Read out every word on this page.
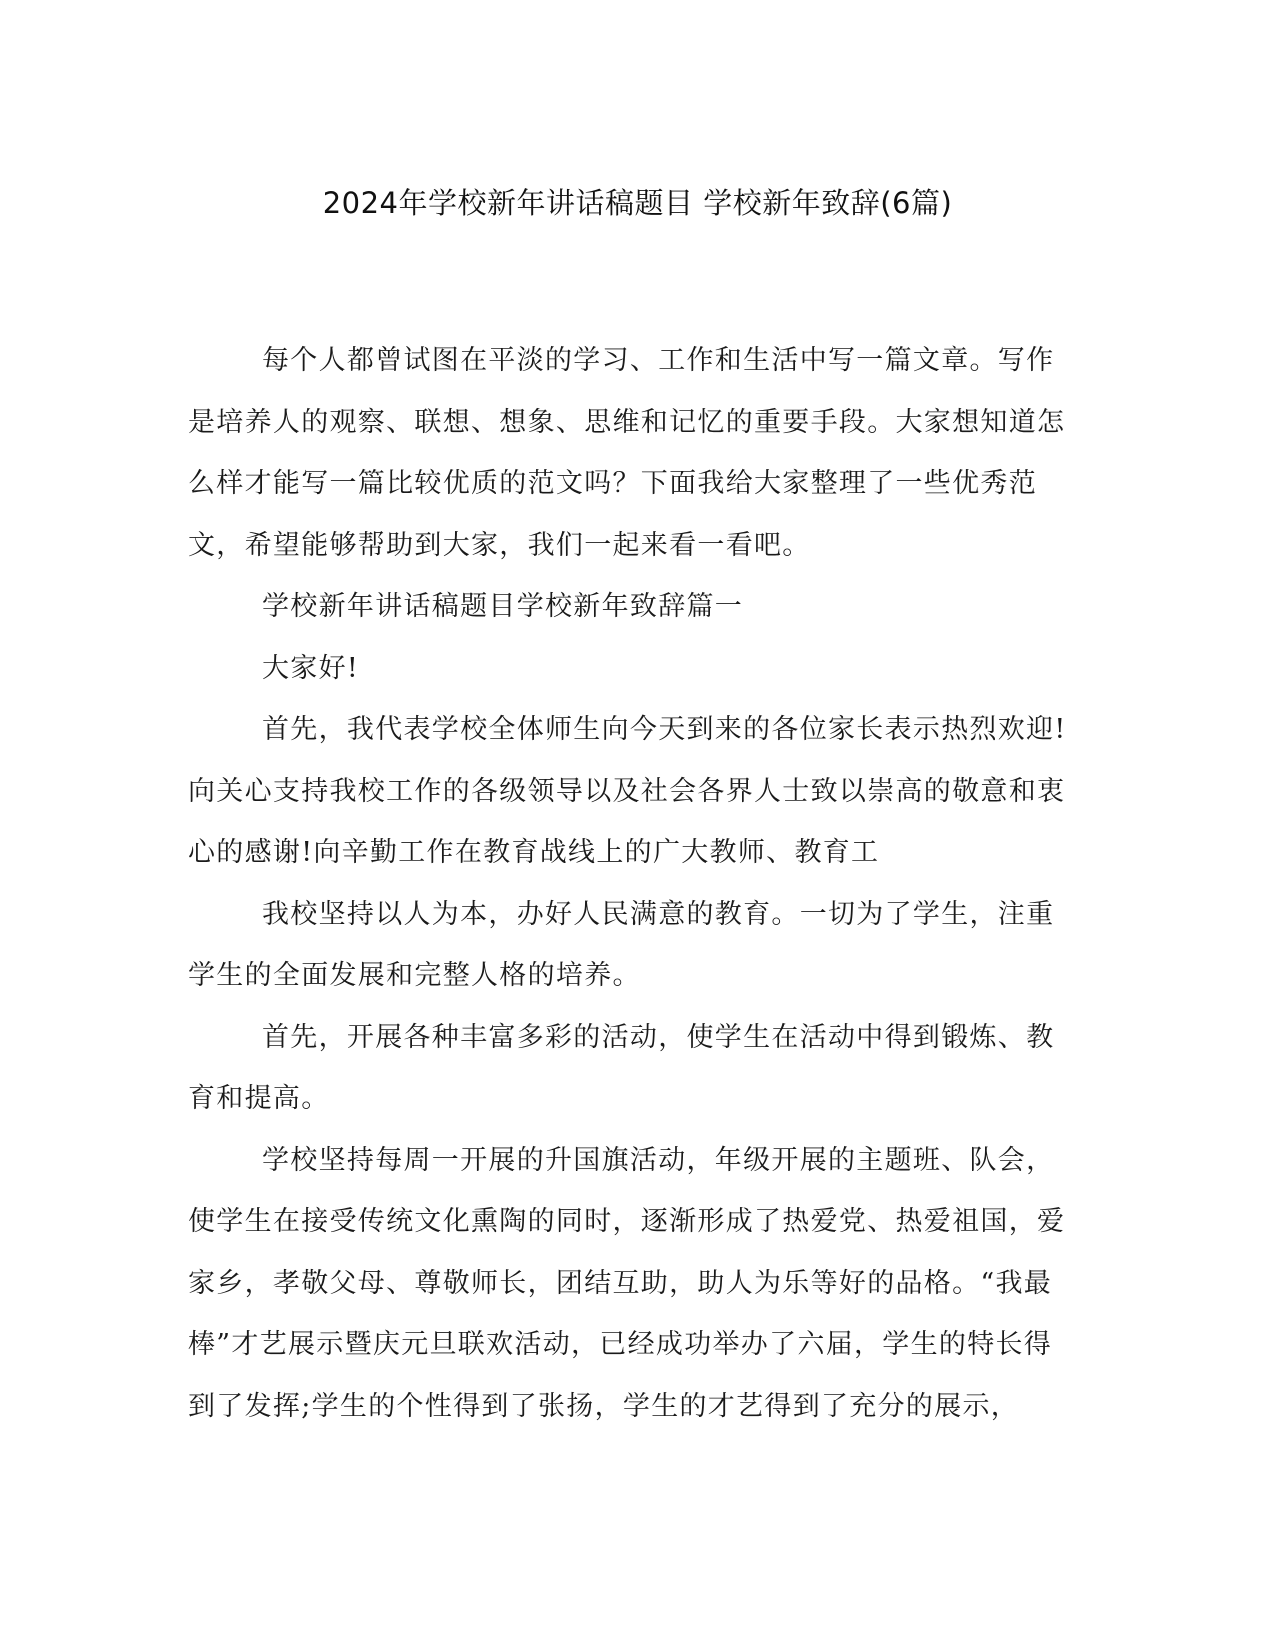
2024年学校新年讲话稿题目 学校新年致辞(6篇)

每个人都曾试图在平淡的学习、工作和生活中写一篇文章。写作是培养人的观察、联想、想象、思维和记忆的重要手段。大家想知道怎么样才能写一篇比较优质的范文吗？下面我给大家整理了一些优秀范文，希望能够帮助到大家，我们一起来看一看吧。

学校新年讲话稿题目学校新年致辞篇一

大家好!

首先，我代表学校全体师生向今天到来的各位家长表示热烈欢迎!向关心支持我校工作的各级领导以及社会各界人士致以崇高的敬意和衷心的感谢!向辛勤工作在教育战线上的广大教师、教育工

我校坚持以人为本，办好人民满意的教育。一切为了学生，注重学生的全面发展和完整人格的培养。

首先，开展各种丰富多彩的活动，使学生在活动中得到锻炼、教育和提高。

学校坚持每周一开展的升国旗活动，年级开展的主题班、队会，使学生在接受传统文化熏陶的同时，逐渐形成了热爱党、热爱祖国，爱家乡，孝敬父母、尊敬师长，团结互助，助人为乐等好的品格。“我最棒”才艺展示暨庆元旦联欢活动，已经成功举办了六届，学生的特长得到了发挥;学生的个性得到了张扬，学生的才艺得到了充分的展示，
